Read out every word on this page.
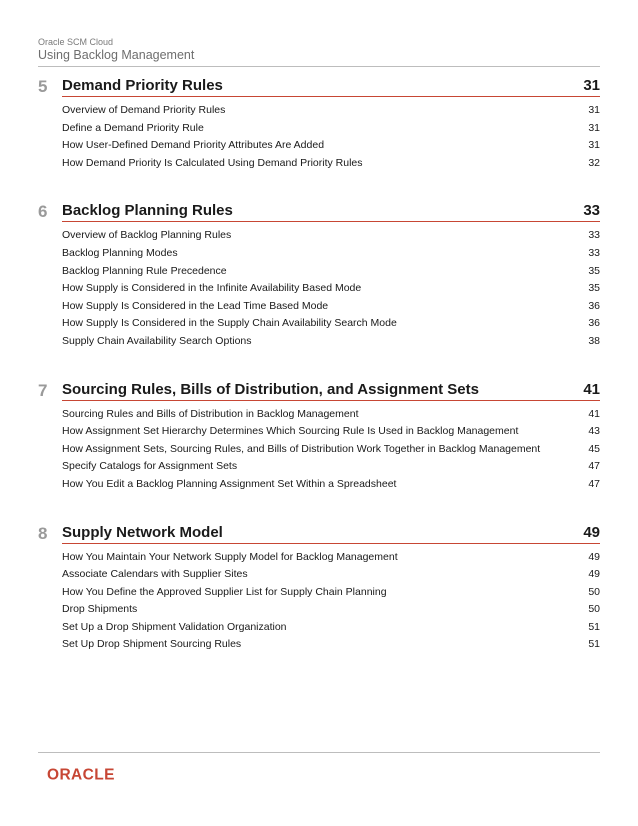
Oracle SCM Cloud
Using Backlog Management
5 Demand Priority Rules	31
Overview of Demand Priority Rules	31
Define a Demand Priority Rule	31
How User-Defined Demand Priority Attributes Are Added	31
How Demand Priority Is Calculated Using Demand Priority Rules	32
6 Backlog Planning Rules	33
Overview of Backlog Planning Rules	33
Backlog Planning Modes	33
Backlog Planning Rule Precedence	35
How Supply is Considered in the Infinite Availability Based Mode	35
How Supply Is Considered in the Lead Time Based Mode	36
How Supply Is Considered in the Supply Chain Availability Search Mode	36
Supply Chain Availability Search Options	38
7 Sourcing Rules, Bills of Distribution, and Assignment Sets	41
Sourcing Rules and Bills of Distribution in Backlog Management	41
How Assignment Set Hierarchy Determines Which Sourcing Rule Is Used in Backlog Management	43
How Assignment Sets, Sourcing Rules, and Bills of Distribution Work Together in Backlog Management	45
Specify Catalogs for Assignment Sets	47
How You Edit a Backlog Planning Assignment Set Within a Spreadsheet	47
8 Supply Network Model	49
How You Maintain Your Network Supply Model for Backlog Management	49
Associate Calendars with Supplier Sites	49
How You Define the Approved Supplier List for Supply Chain Planning	50
Drop Shipments	50
Set Up a Drop Shipment Validation Organization	51
Set Up Drop Shipment Sourcing Rules	51
ORACLE
